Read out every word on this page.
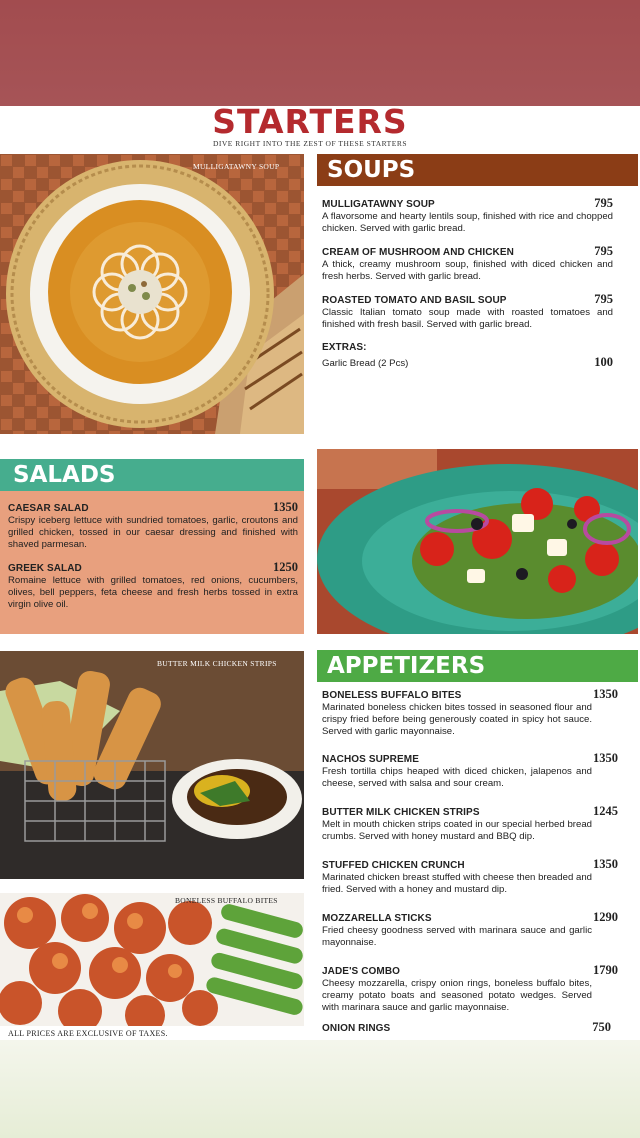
STARTERS
DIVE RIGHT INTO THE ZEST OF THESE STARTERS
MULLIGATAWNY SOUP	SOUPS
MULLIGATAWNY SOUP	795
A flavorsome and hearty lentils soup, finished with rice and chopped chicken. Served with garlic bread.
CREAM OF MUSHROOM AND CHICKEN	795
A thick, creamy mushroom soup, finished with diced chicken and fresh herbs. Served with garlic bread.
ROASTED TOMATO AND BASIL SOUP	795
Classic Italian tomato soup made with roasted tomatoes and finished with fresh basil. Served with garlic bread.
EXTRAS:
Garlic Bread (2 Pcs)	100
SALADS
CAESAR SALAD	1350
Crispy iceberg lettuce with sundried tomatoes, garlic, croutons and grilled chicken, tossed in our caesar dressing and finished with shaved parmesan.
GREEK SALAD	1250
Romaine lettuce with grilled tomatoes, red onions, cucumbers, olives, bell peppers, feta cheese and fresh herbs tossed in extra virgin olive oil.
BUTTER MILK CHICKEN STRIPS
BONELESS BUFFALO BITES
APPETIZERS
BONELESS BUFFALO BITES	1350
Marinated boneless chicken bites tossed in seasoned flour and crispy fried before being generously coated in spicy hot sauce. Served with garlic mayonnaise.
NACHOS SUPREME	1350
Fresh tortilla chips heaped with diced chicken, jalapenos and cheese, served with salsa and sour cream.
BUTTER MILK CHICKEN STRIPS	1245
Melt in mouth chicken strips coated in our special herbed bread crumbs. Served with honey mustard and BBQ dip.
STUFFED CHICKEN CRUNCH	1350
Marinated chicken breast stuffed with cheese then breaded and fried. Served with a honey and mustard dip.
MOZZARELLA STICKS	1290
Fried cheesy goodness served with marinara sauce and garlic mayonnaise.
JADE'S COMBO	1790
Cheesy mozzarella, crispy onion rings, boneless buffalo bites, creamy potato boats and seasoned potato wedges. Served with marinara sauce and garlic mayonnaise.
ONION RINGS	750
ALL PRICES ARE EXCLUSIVE OF TAXES.
